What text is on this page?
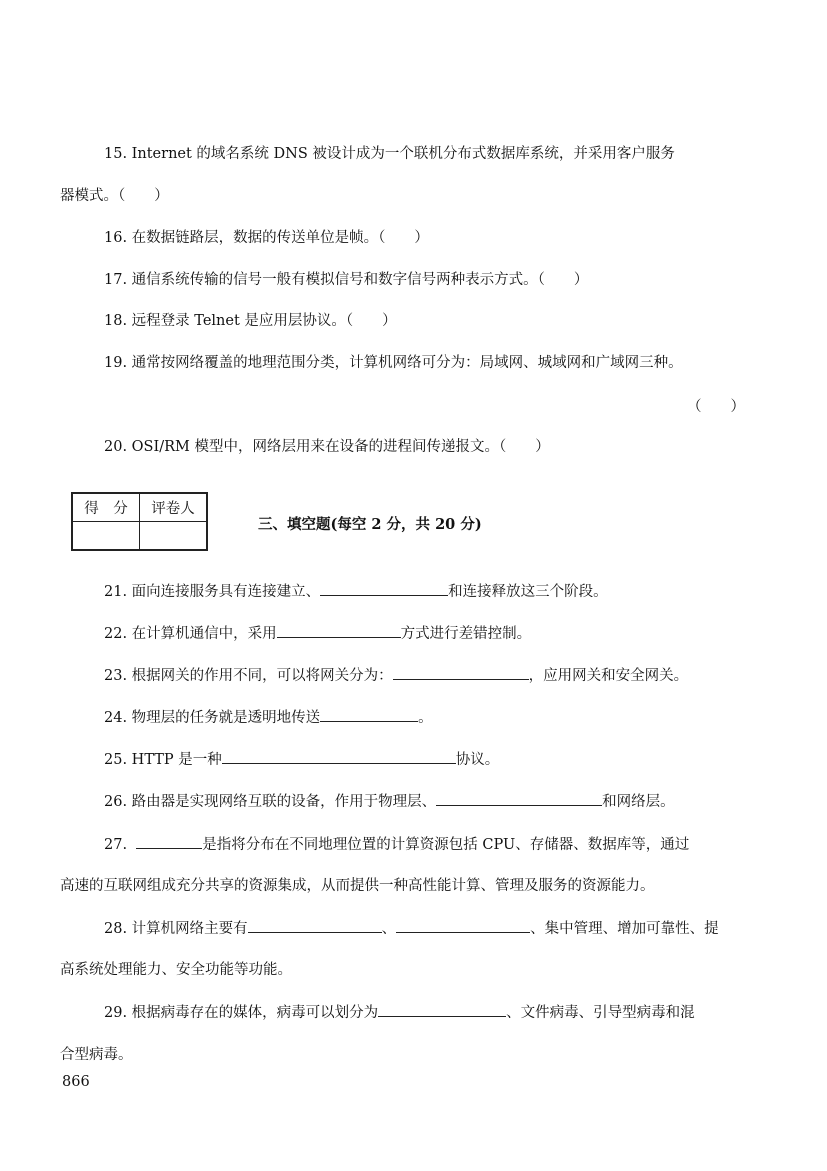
15. Internet 的域名系统 DNS 被设计成为一个联机分布式数据库系统，并采用客户服务
器模式。（　　）
16. 在数据链路层，数据的传送单位是帧。（　　）
17. 通信系统传输的信号一般有模拟信号和数字信号两种表示方式。（　　）
18. 远程登录 Telnet 是应用层协议。（　　）
19. 通常按网络覆盖的地理范围分类，计算机网络可分为：局域网、城域网和广域网三种。
（　　）
20. OSI/RM 模型中，网络层用来在设备的进程间传递报文。（　　）
得　分	评卷人

三、填空题(每空 2 分，共 20 分)
21. 面向连接服务具有连接建立、	和连接释放这三个阶段。
22. 在计算机通信中，采用	方式进行差错控制。
23. 根据网关的作用不同，可以将网关分为：	，应用网关和安全网关。
24. 物理层的任务就是透明地传送	。
25. HTTP 是一种	协议。
26. 路由器是实现网络互联的设备，作用于物理层、	和网络层。
27.	是指将分布在不同地理位置的计算资源包括 CPU、存储器、数据库等，通过
高速的互联网组成充分共享的资源集成，从而提供一种高性能计算、管理及服务的资源能力。
28. 计算机网络主要有	、	、集中管理、增加可靠性、提
高系统处理能力、安全功能等功能。
29. 根据病毒存在的媒体，病毒可以划分为	、文件病毒、引导型病毒和混
合型病毒。
866
